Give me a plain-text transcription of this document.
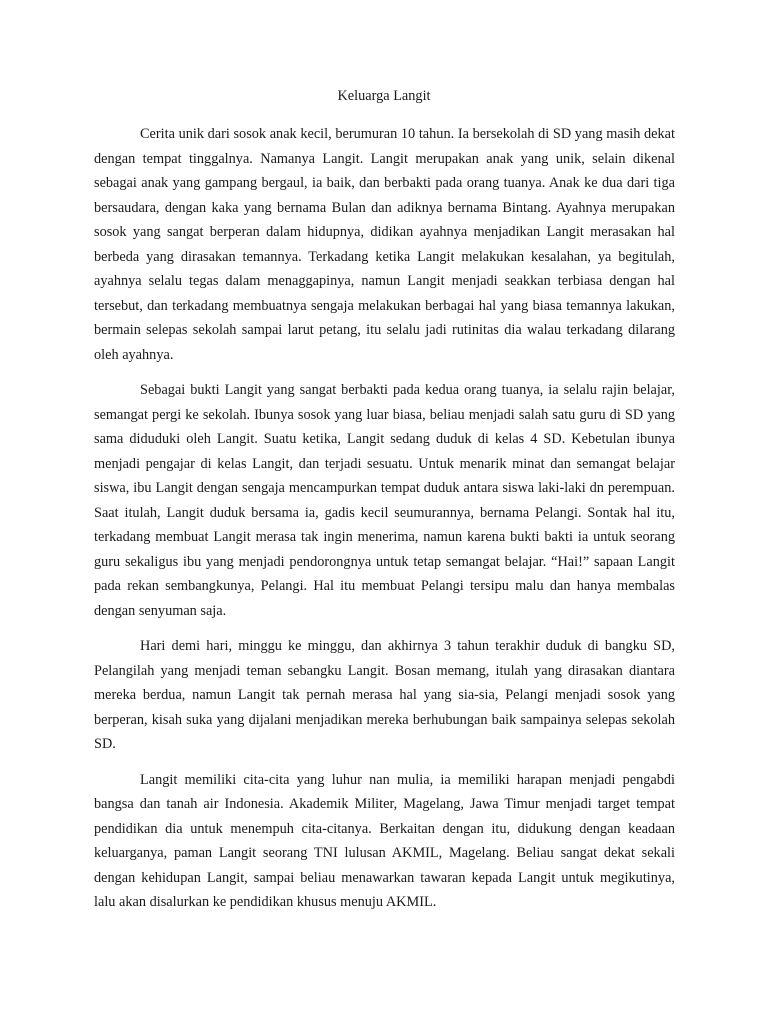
Keluarga Langit

Cerita unik dari sosok anak kecil, berumuran 10 tahun. Ia bersekolah di SD yang masih dekat dengan tempat tinggalnya. Namanya Langit. Langit merupakan anak yang unik, selain dikenal sebagai anak yang gampang bergaul, ia baik, dan berbakti pada orang tuanya. Anak ke dua dari tiga bersaudara, dengan kaka yang bernama Bulan dan adiknya bernama Bintang. Ayahnya merupakan sosok yang sangat berperan dalam hidupnya, didikan ayahnya menjadikan Langit merasakan hal berbeda yang dirasakan temannya. Terkadang ketika Langit melakukan kesalahan, ya begitulah, ayahnya selalu tegas dalam menaggapinya, namun Langit menjadi seakkan terbiasa dengan hal tersebut, dan terkadang membuatnya sengaja melakukan berbagai hal yang biasa temannya lakukan, bermain selepas sekolah sampai larut petang, itu selalu jadi rutinitas dia walau terkadang dilarang oleh ayahnya.

Sebagai bukti Langit yang sangat berbakti pada kedua orang tuanya, ia selalu rajin belajar, semangat pergi ke sekolah. Ibunya sosok yang luar biasa, beliau menjadi salah satu guru di SD yang sama diduduki oleh Langit. Suatu ketika, Langit sedang duduk di kelas 4 SD. Kebetulan ibunya menjadi pengajar di kelas Langit, dan terjadi sesuatu. Untuk menarik minat dan semangat belajar siswa, ibu Langit dengan sengaja mencampurkan tempat duduk antara siswa laki-laki dn perempuan. Saat itulah, Langit duduk bersama ia, gadis kecil seumurannya, bernama Pelangi. Sontak hal itu, terkadang membuat Langit merasa tak ingin menerima, namun karena bukti bakti ia untuk seorang guru sekaligus ibu yang menjadi pendorongnya untuk tetap semangat belajar. “Hai!” sapaan Langit pada rekan sembangkunya, Pelangi. Hal itu membuat Pelangi tersipu malu dan hanya membalas dengan senyuman saja.

Hari demi hari, minggu ke minggu, dan akhirnya 3 tahun terakhir duduk di bangku SD, Pelangilah yang menjadi teman sebangku Langit. Bosan memang, itulah yang dirasakan diantara mereka berdua, namun Langit tak pernah merasa hal yang sia-sia, Pelangi menjadi sosok yang berperan, kisah suka yang dijalani menjadikan mereka berhubungan baik sampainya selepas sekolah SD.

Langit memiliki cita-cita yang luhur nan mulia, ia memiliki harapan menjadi pengabdi bangsa dan tanah air Indonesia. Akademik Militer, Magelang, Jawa Timur menjadi target tempat pendidikan dia untuk menempuh cita-citanya. Berkaitan dengan itu, didukung dengan keadaan keluarganya, paman Langit seorang TNI lulusan AKMIL, Magelang. Beliau sangat dekat sekali dengan kehidupan Langit, sampai beliau menawarkan tawaran kepada Langit untuk megikutinya, lalu akan disalurkan ke pendidikan khusus menuju AKMIL.
